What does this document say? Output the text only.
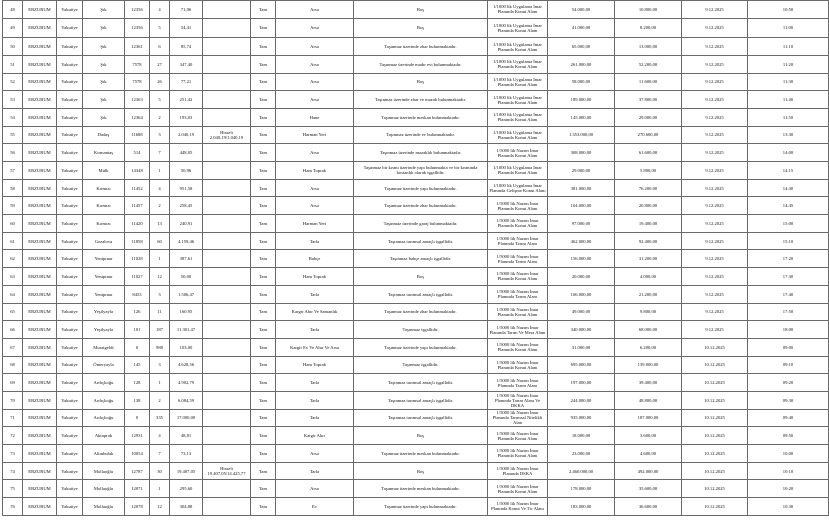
48	ERZURUM	Yakutiye	Şık	12356	4	71,06		Tam	Arsa	Boş	1/1000 lik Uygulama İmar Planında Konut Alanı	54.000,00	10.800,00	9.12.2025	10:50
49	ERZURUM	Yakutiye	Şık	12356	5	54,41		Tam	Arsa	Boş	1/1000 lik Uygulama İmar Planında Konut Alanı	41.000,00	8.200,00	9.12.2025	11:00
50	ERZURUM	Yakutiye	Şık	12361	6	85,74		Tam	Arsa	Taşınmaz üzerinde zhar bulunmaktadır.	1/1000 lik Uygulama İmar Planında Konut Alanı	65.000,00	13.000,00	9.12.2025	11:10
51	ERZURUM	Yakutiye	Şık	7578	27	347,40		Tam	Arsa	Taşınmaz üzerinde madır evi bulunmaktadır.	1/1000 lik Uygulama İmar Planında Konut Alanı	261.000,00	52.200,00	9.12.2025	11:20
52	ERZURUM	Yakutiye	Şık	7578	26	77,21		Tam	Arsa	Boş	1/1000 lik Uygulama İmar Planında Konut Alanı	58.000,00	11.600,00	9.12.2025	11:30
53	ERZURUM	Yakutiye	Şık	12363	5	251,42		Tam	Arsa	Taşınmaz üzerinde zhar ve mazak bulunmaktadır.	1/1000 lik Uygulama İmar Planında Konut Alanı	189.000,00	37.800,00	9.12.2025	11:40
54	ERZURUM	Yakutiye	Şık	12364	2	193,03		Tam	Hane	Taşınmaz üzerinde meskan bulunmaktadır.	1/1000 lik Uygulama İmar Planında Konut Alanı	145.000,00	29.000,00	9.12.2025	11:50
55	ERZURUM	Yakutiye	Dadaş	11688	3	2.040,19	Hisseli 2.040,19/1.040,19	Tam	Harman Yeri	Taşınmaz üzerinde ev bulunmaktadır.	1/1000 lik Uygulama İmar Planında Konut Alanı	1.353.000,00	270.600,00	9.12.2025	13:30
56	ERZURUM	Yakutiye	Kırmantaş	514	7	448,05		Tam	Arsa	Taşınmaz üzerinde mazaklık bulunmaktadır.	1/5000 lik Nazım İmar Planında Konut Alanı	308.000,00	61.600,00	9.12.2025	14:00
57	ERZURUM	Yakutiye	Mülk	14348	1	50,96		Tam	Ham Toprak	Taşınmaz bir kısmı üzerinde yapı bulunmakta ve bir kısmında bostanlık olarak işgallidir.	1/1000 lik Uygulama İmar Planında Konut Alanı	29.000,00	5.800,00	9.12.2025	14:15
58	ERZURUM	Yakutiye	Kırmızı	11452	4	951,58		Tam	Arsa	Taşınmaz üzerinde yapı bulunmaktadır.	1/1000 lik Uygulama İmar Planında Gelişme Konut Alanı	381.000,00	76.200,00	9.12.2025	14:30
59	ERZURUM	Yakutiye	Kırmızı	11457	2	258,45		Tam	Arsa	Taşınmaz üzerinde zhar bulunmaktadır.	1/5000 lik Nazım İmar Planında Konut Alanı	104.000,00	20.800,00	9.12.2025	14:45
60	ERZURUM	Yakutiye	Kırmızı	11420	13	240,91		Tam	Harman Yeri	Taşınmaz üzerinde garaj bulunmaktadır.	1/5000 lik Nazım İmar Planında Konut Alanı	97.000,00	19.400,00	9.12.2025	15:00
61	ERZURUM	Yakutiye	Gezalova	11858	60	4.159,46		Tam	Tarla	Taşınmaz tarımsal amaçlı işgallidir.	1/5000 lik Nazım İmar Planında Tarım Alanı	462.000,00	92.400,00	9.12.2025	15:10
62	ERZURUM	Yakutiye	Yenipınar	11028	1	387,61		Tam	Bahçe	Taşınmaz bahçe amaçlı işgallidir.	1/5000 lik Nazım İmar Planında Tarım Alanı	156.000,00	31.200,00	9.12.2025	17:20
63	ERZURUM	Yakutiye	Yenipınar	11027	12	50,00		Tam	Ham Toprak	Boş	1/5000 lik Nazım İmar Planında Konut Alanı	20.000,00	4.000,00	9.12.2025	17:30
64	ERZURUM	Yakutiye	Yenipınar	8453	3	1.506,47		Tam	Tarla	Taşınmaz tarımsal amaçlı işgallidir.	1/5000 lik Nazım İmar Planında Tarım Alanı	106.000,00	21.200,00	9.12.2025	17:40
65	ERZURUM	Yakutiye	Yeşilyayla	126	11	160,95		Tam	Kargir Ahır Ve Samanlık	Taşınmaz üzerinde zhar bulunmaktadır.	1/5000 lik Nazım İmar Planında Konut Alanı	49.000,00	9.800,00	9.12.2025	17:50
66	ERZURUM	Yakutiye	Yeşilyayla	101	187	11.301,47		Tam	Tarla	Taşınmaz işgallidir.	1/5000 lik Nazım İmar Planında Tarım Ve Mera Alanı	340.000,00	68.000,00	9.12.2025	18:00
67	ERZURUM	Yakutiye	Muratgeldi	0	988	103,00		Tam	Kargir Ev Ve Ahır Ve Arsa	Taşınmaz üzerinde yapı bulunmaktadır.	1/5000 lik Nazım İmar Planında Konut Alanı	31.000,00	6.200,00	10.12.2025	09:00
68	ERZURUM	Yakutiye	Ömeryayla	145	3	4.628,56		Tam	Ham Toprak	Taşınmaz işgallidir.	1/5000 lik Nazım İmar Planında Konut Alanı	695.000,00	139.000,00	10.12.2025	09:10
69	ERZURUM	Yakutiye	Ardıçlıoğu	128	1	4.902,79		Tam	Tarla	Taşınmaz tarımsal amaçlı işgallidir.	1/5000 lik Nazım İmar Planında Tarım Alanı	197.000,00	39.400,00	10.12.2025	09:20
70	ERZURUM	Yakutiye	Ardıçlıoğu	138	2	6.084,59		Tam	Tarla	Taşınmaz tarımsal amaçlı işgallidir.	1/5000 lik Nazım İmar Planında Tarım Alanı Ve DKKA	244.000,00	48.800,00	10.12.2025	09:30
71	ERZURUM	Yakutiye	Ardıçlıoğu	0	335	17.000,00		Tam	Tarla	Taşınmaz tarımsal amaçlı işgallidir.	1/5000 lik Nazım İmar Planında Tarımsal Nitelikli Alan	935.000,00	187.000,00	10.12.2025	09:40
72	ERZURUM	Yakutiye	Aktoprak	12931	4	48,81		Tam	Kargir Ahır	Boş	1/5000 lik Nazım İmar Planında Konut Alanı	18.000,00	3.600,00	10.12.2025	09:50
73	ERZURUM	Yakutiye	Altınbulak	10054	7	73,13		Tam	Arsa	Taşınmaz üzerinde meskan bulunmaktadır.	1/5000 lik Nazım İmar Planında Konut Alanı	23.000,00	4.600,00	10.12.2025	10:00
74	ERZURUM	Yakutiye	Mollaoğlu	12787	30	19.407,05	Hisseli 19.407,05/14.425,77	Tam	Tarla	Boş	1/5000 lik Nazım İmar Planında DSKA	2.460.000,00	492.000,00	10.12.2025	10:10
75	ERZURUM	Yakutiye	Mollaoğlu	12071	1	295,60		Tam	Arsa	Taşınmaz üzerinde meskan bulunmaktadır.	1/5000 lik Nazım İmar Planında Konut Alanı	178.000,00	35.600,00	10.12.2025	10:20
76	ERZURUM	Yakutiye	Mollaoğlu	12078	12	304,88		Tam	Ev	Taşınmaz üzerinde yapı bulunmaktadır.	1/5000 lik Nazım İmar Planında Konut Ve Tic Alanı	183.000,00	36.600,00	10.12.2025	10:30
